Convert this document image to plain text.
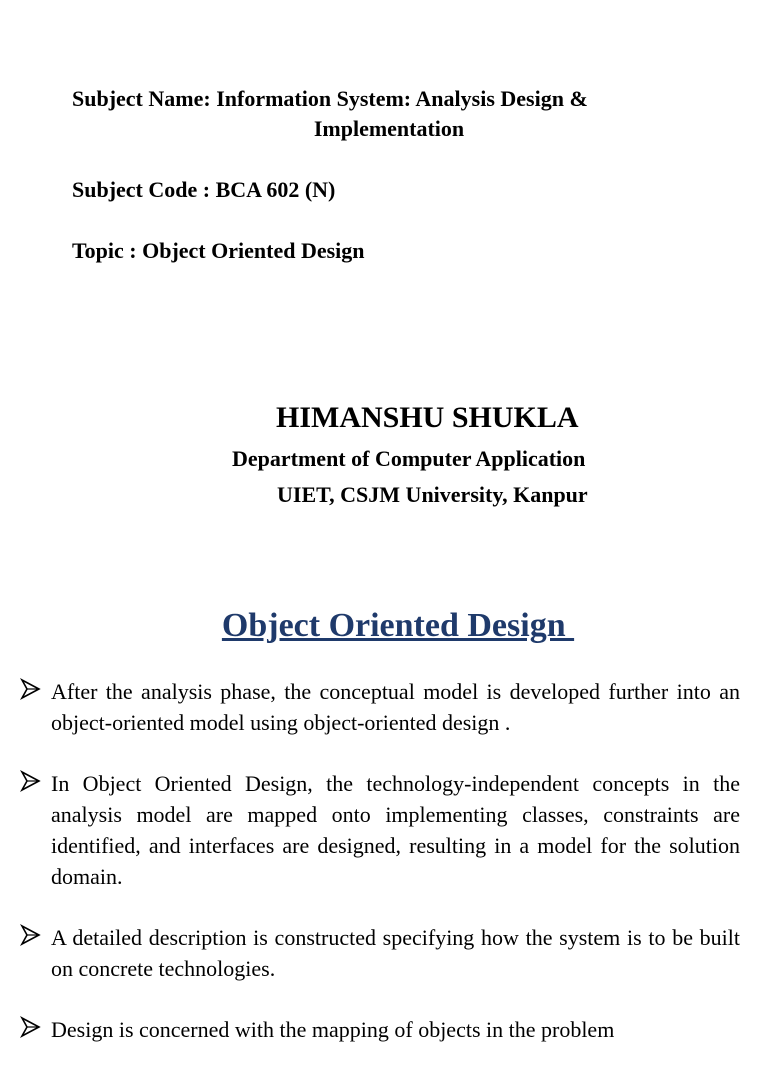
Subject Name: Information System: Analysis Design &
Implementation

Subject Code : BCA 602 (N)

Topic : Object Oriented Design

HIMANSHU SHUKLA

Department of Computer Application

UIET, CSJM University, Kanpur

Object Oriented Design
After the analysis phase, the conceptual model is developed further into an object-oriented model using object-oriented design .
In Object Oriented Design, the technology-independent concepts in the analysis model are mapped onto implementing classes, constraints are identified, and interfaces are designed, resulting in a model for the solution domain.
A detailed description is constructed specifying how the system is to be built on concrete technologies.
Design is concerned with the mapping of objects in the problem
